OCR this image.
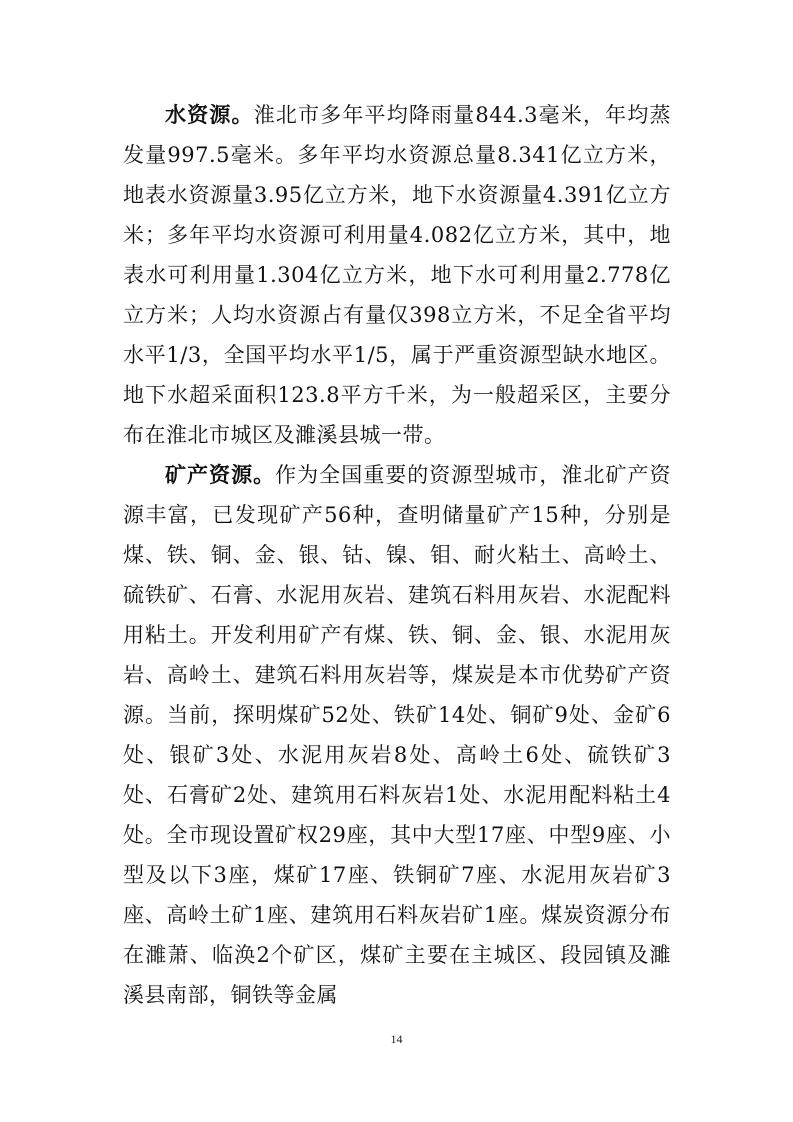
水资源。淮北市多年平均降雨量844.3毫米，年均蒸发量997.5毫米。多年平均水资源总量8.341亿立方米，地表水资源量3.95亿立方米，地下水资源量4.391亿立方米；多年平均水资源可利用量4.082亿立方米，其中，地表水可利用量1.304亿立方米，地下水可利用量2.778亿立方米；人均水资源占有量仅398立方米，不足全省平均水平1/3，全国平均水平1/5，属于严重资源型缺水地区。地下水超采面积123.8平方千米，为一般超采区，主要分布在淮北市城区及濉溪县城一带。

矿产资源。作为全国重要的资源型城市，淮北矿产资源丰富，已发现矿产56种，查明储量矿产15种，分别是煤、铁、铜、金、银、钴、镍、钼、耐火粘土、高岭土、硫铁矿、石膏、水泥用灰岩、建筑石料用灰岩、水泥配料用粘土。开发利用矿产有煤、铁、铜、金、银、水泥用灰岩、高岭土、建筑石料用灰岩等，煤炭是本市优势矿产资源。当前，探明煤矿52处、铁矿14处、铜矿9处、金矿6处、银矿3处、水泥用灰岩8处、高岭土6处、硫铁矿3处、石膏矿2处、建筑用石料灰岩1处、水泥用配料粘土4处。全市现设置矿权29座，其中大型17座、中型9座、小型及以下3座，煤矿17座、铁铜矿7座、水泥用灰岩矿3座、高岭土矿1座、建筑用石料灰岩矿1座。煤炭资源分布在濉萧、临涣2个矿区，煤矿主要在主城区、段园镇及濉溪县南部，铜铁等金属

14
